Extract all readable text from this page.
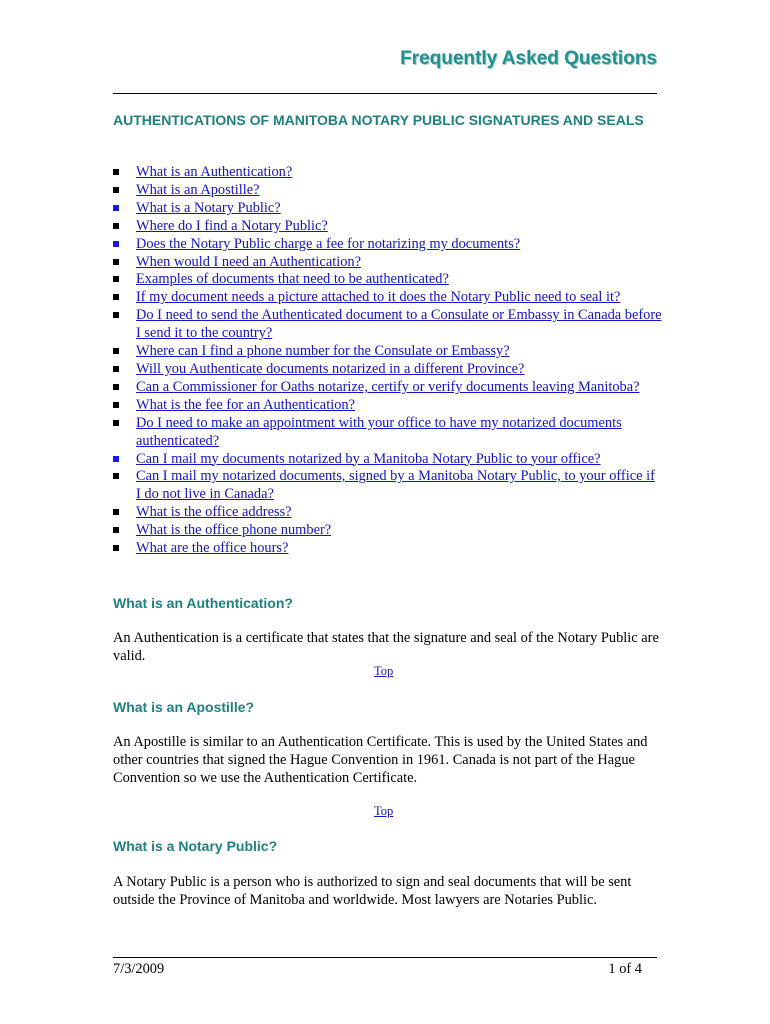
Frequently Asked Questions
AUTHENTICATIONS OF MANITOBA NOTARY PUBLIC SIGNATURES AND SEALS
What is an Authentication?
What is an Apostille?
What is a Notary Public?
Where do I find a Notary Public?
Does the Notary Public charge a fee for notarizing my documents?
When would I need an Authentication?
Examples of documents that need to be authenticated?
If my document needs a picture attached to it does the Notary Public need to seal it?
Do I need to send the Authenticated document to a Consulate or Embassy in Canada before I send it to the country?
Where can I find a phone number for the Consulate or Embassy?
Will you Authenticate documents notarized in a different Province?
Can a Commissioner for Oaths notarize, certify or verify documents leaving Manitoba?
What is the fee for an Authentication?
Do I need to make an appointment with your office to have my notarized documents authenticated?
Can I mail my documents notarized by a Manitoba Notary Public to your office?
Can I mail my notarized documents, signed by a Manitoba Notary Public, to your office if I do not live in Canada?
What is the office address?
What is the office phone number?
What are the office hours?
What is an Authentication?
An Authentication is a certificate that states that the signature and seal of the Notary Public are valid.
Top
What is an Apostille?
An Apostille is similar to an Authentication Certificate. This is used by the United States and other countries that signed the Hague Convention in 1961. Canada is not part of the Hague Convention so we use the Authentication Certificate.
Top
What is a Notary Public?
A Notary Public is a person who is authorized to sign and seal documents that will be sent outside the Province of Manitoba and worldwide. Most lawyers are Notaries Public.
7/3/2009	1 of 4
